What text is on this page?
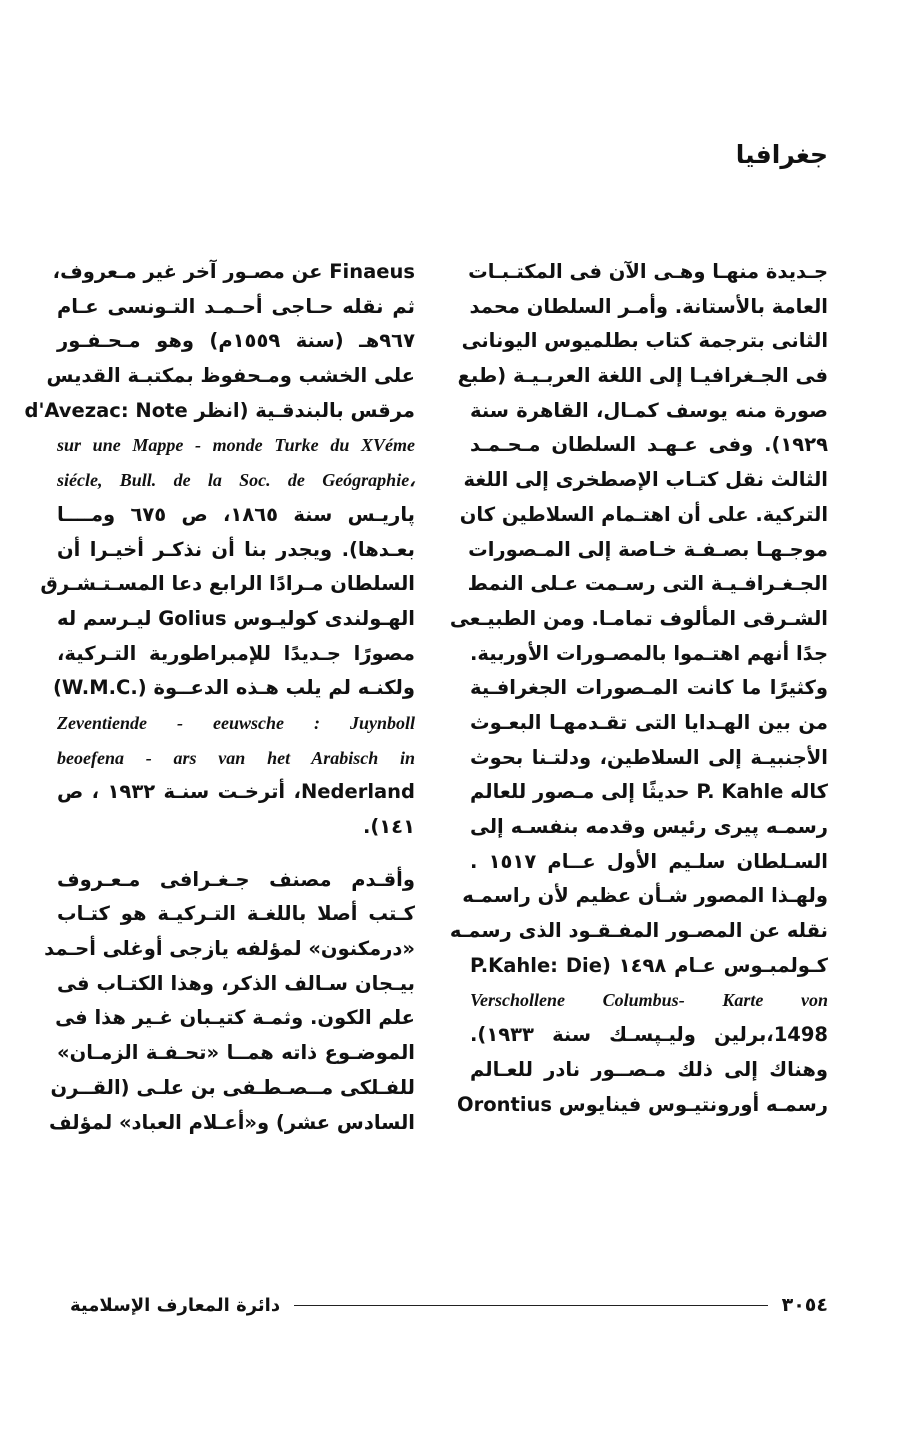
جغرافيا
جـديدة منهـا وهـى الآن فى المكتـبـات
العامة بالأستانة. وأمـر السلطان محمد
الثانى بترجمة كتاب بطلميوس اليونانى
فى الجـغرافيـا إلى اللغة العربـيـة (طبع
صورة منه يوسف كمـال، القاهرة سنة
١٩٢٩). وفى عـهـد السلطان مـحـمـد
الثالث نقل كتـاب الإصطخرى إلى اللغة
التركية. على أن اهتـمام السلاطين كان
موجـهـا بصـفـة خـاصة إلى المـصورات
الجـغـرافـيـة التى رسـمت عـلى النمط
الشـرقى المألوف تمامـا. ومن الطبيـعى
جدًا أنهم اهتـموا بالمصـورات الأوربية.
وكثيرًا ما كانت المـصورات الجغرافـية
من بين الهـدايا التى تقـدمهـا البعـوث
الأجنبيـة إلى السلاطين، ودلتـنا بحوث
كاله P. Kahle حديثًا إلى مـصور للعالم
رسمـه پيرى رئيس وقدمه بنفسـه إلى
السـلطان سلـيم الأول عــام ١٥١٧ .
ولهـذا المصور شـأن عظيم لأن راسمـه
نقله عن المصـور المفـقـود الذى رسمـه
كـولمبـوس عـام ١٤٩٨ (P.Kahle: Die
Verschollene Columbus- Karte von
1498،برلين وليـپسـك سنة ١٩٣٣).
وهناك إلى ذلك مـصــور نادر للعـالم
رسمـه أورونتيـوس فينايوس Orontius
Finaeus عن مصـور آخر غير مـعروف،
ثم نقله حـاجى أحـمـد التـونسى عـام
٩٦٧هـ (سنة ١٥٥٩م) وهو مـحـفـور
على الخشب ومـحفوظ بمكتبـة القديس
مرقس بالبندقـية (انظر d'Avezac: Note
sur une Mappe - monde Turke du XVéme
siécle, Bull. de la Soc. de Geógraphie،
پاريـس سنة ١٨٦٥، ص ٦٧٥ ومــــا
بعـدها). ويجدر بنا أن نذكـر أخيـرا أن
السلطان مـرادًا الرابع دعا المسـتـشـرق
الهـولندى كوليـوس Golius ليـرسم له
مصورًا جـديدًا للإمبراطورية التـركية،
ولكنـه لم يلب هـذه الدعــوة (.W.M.C)
Zeventiende - eeuwsche : Juynboll
beoefena - ars van het Arabisch in
Nederland، أترخـت سنـة ١٩٣٢ ، ص
١٤١).
وأقـدم مصنف جـغـرافى مـعـروف
كـتب أصلا باللغـة التـركيـة هو كتـاب
«درمكنون» لمؤلفه يازجى أوغلى أحـمد
بيـجان سـالف الذكر، وهذا الكتـاب فى
علم الكون. وثمـة كتيـبان غـير هذا فى
الموضـوع ذاته همــا «تحـفـة الزمـان»
للفـلكى مــصـطـفى بن علـى (القــرن
السادس عشر) و«أعـلام العباد» لمؤلف
٣٠٥٤
دائرة المعارف الإسلامية
